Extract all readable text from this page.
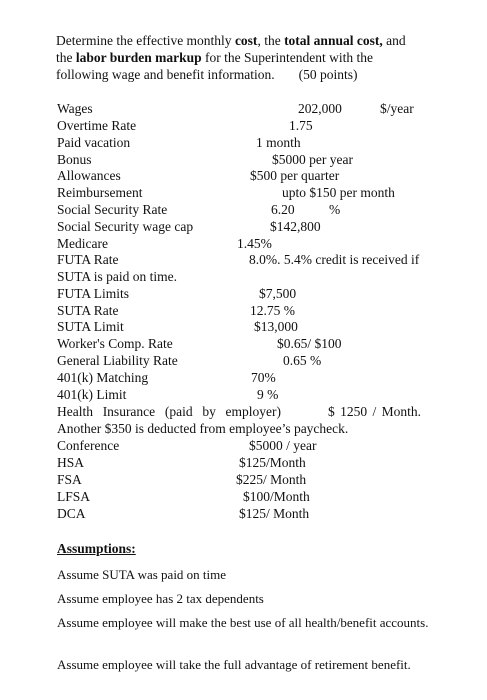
Determine the effective monthly cost, the total annual cost, and
the labor burden markup for the Superintendent with the
following wage and benefit information. (50 points)
Wages	202,000	$/year
Overtime Rate	1.75
Paid vacation	1 month
Bonus	$5000 per year
Allowances	$500 per quarter
Reimbursement	upto $150 per month
Social Security Rate	6.20	%
Social Security wage cap	$142,800
Medicare	1.45%
FUTA Rate	8.0%. 5.4% credit is received if
SUTA is paid on time.
FUTA Limits	$7,500
SUTA Rate	12.75 %
SUTA Limit	$13,000
Worker's Comp. Rate	$0.65/ $100
General Liability Rate	0.65 %
401(k) Matching	70%
401(k) Limit	9 %
Health Insurance (paid by employer)	$ 1250 / Month.
Another $350 is deducted from employee’s paycheck.
Conference	$5000 / year
HSA	$125/Month
FSA	$225/ Month
LFSA	$100/Month
DCA	$125/ Month
Assumptions:
Assume SUTA was paid on time
Assume employee has 2 tax dependents
Assume employee will make the best use of all health/benefit accounts.
Assume employee will take the full advantage of retirement benefit.
